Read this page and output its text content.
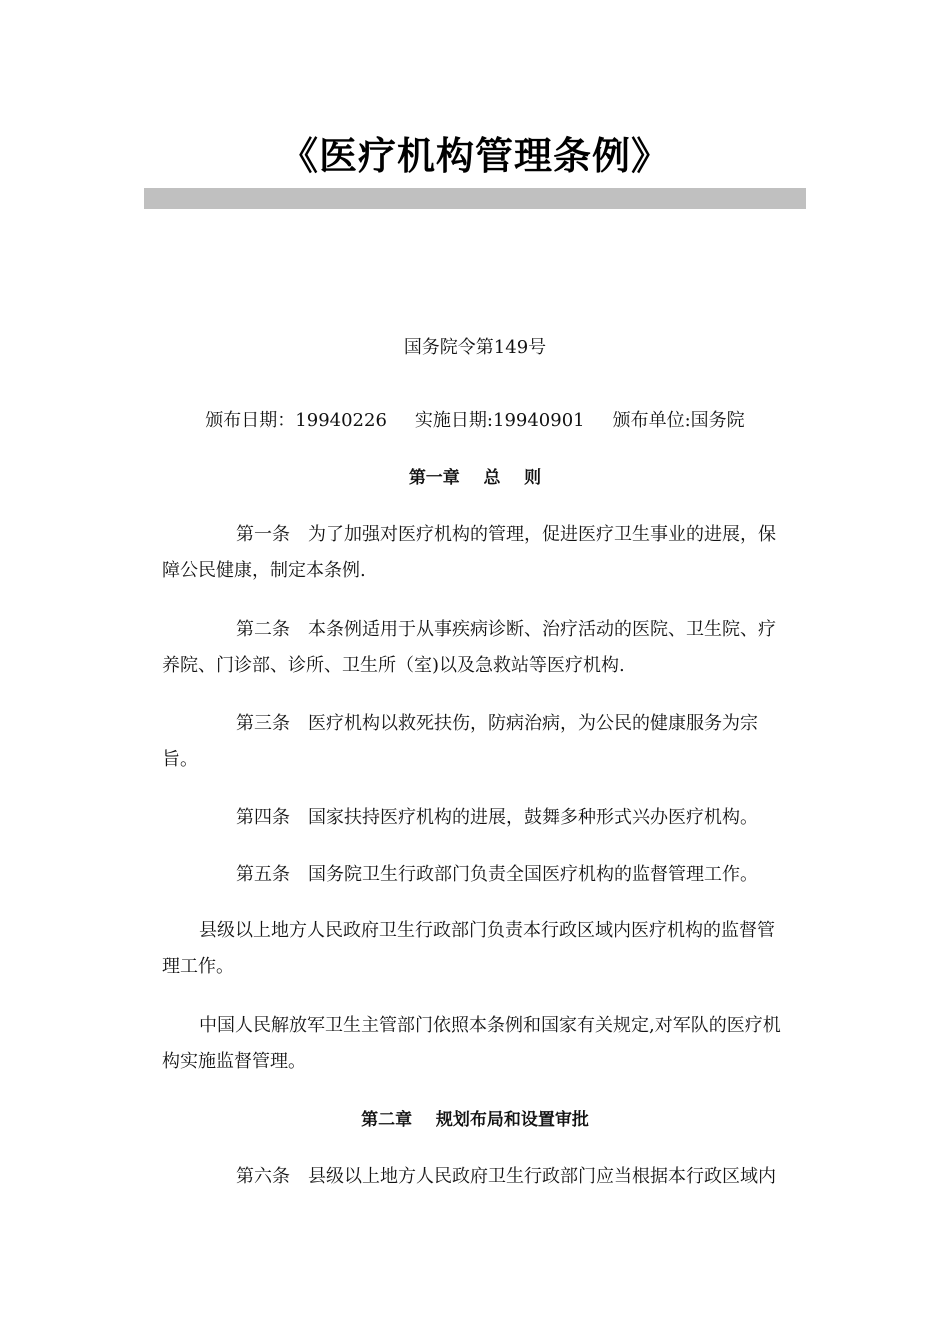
《医疗机构管理条例》
国务院令第149号
颁布日期：19940226 实施日期:19940901 颁布单位:国务院
第一章    总    则

第一条 为了加强对医疗机构的管理，促进医疗卫生事业的进展，保障公民健康，制定本条例.

第二条 本条例适用于从事疾病诊断、治疗活动的医院、卫生院、疗养院、门诊部、诊所、卫生所（室)以及急救站等医疗机构.

第三条 医疗机构以救死扶伤，防病治病，为公民的健康服务为宗旨。

第四条 国家扶持医疗机构的进展，鼓舞多种形式兴办医疗机构。

第五条 国务院卫生行政部门负责全国医疗机构的监督管理工作。

县级以上地方人民政府卫生行政部门负责本行政区域内医疗机构的监督管理工作。

中国人民解放军卫生主管部门依照本条例和国家有关规定,对军队的医疗机构实施监督管理。

第二章    规划布局和设置审批

第六条 县级以上地方人民政府卫生行政部门应当根据本行政区域内
